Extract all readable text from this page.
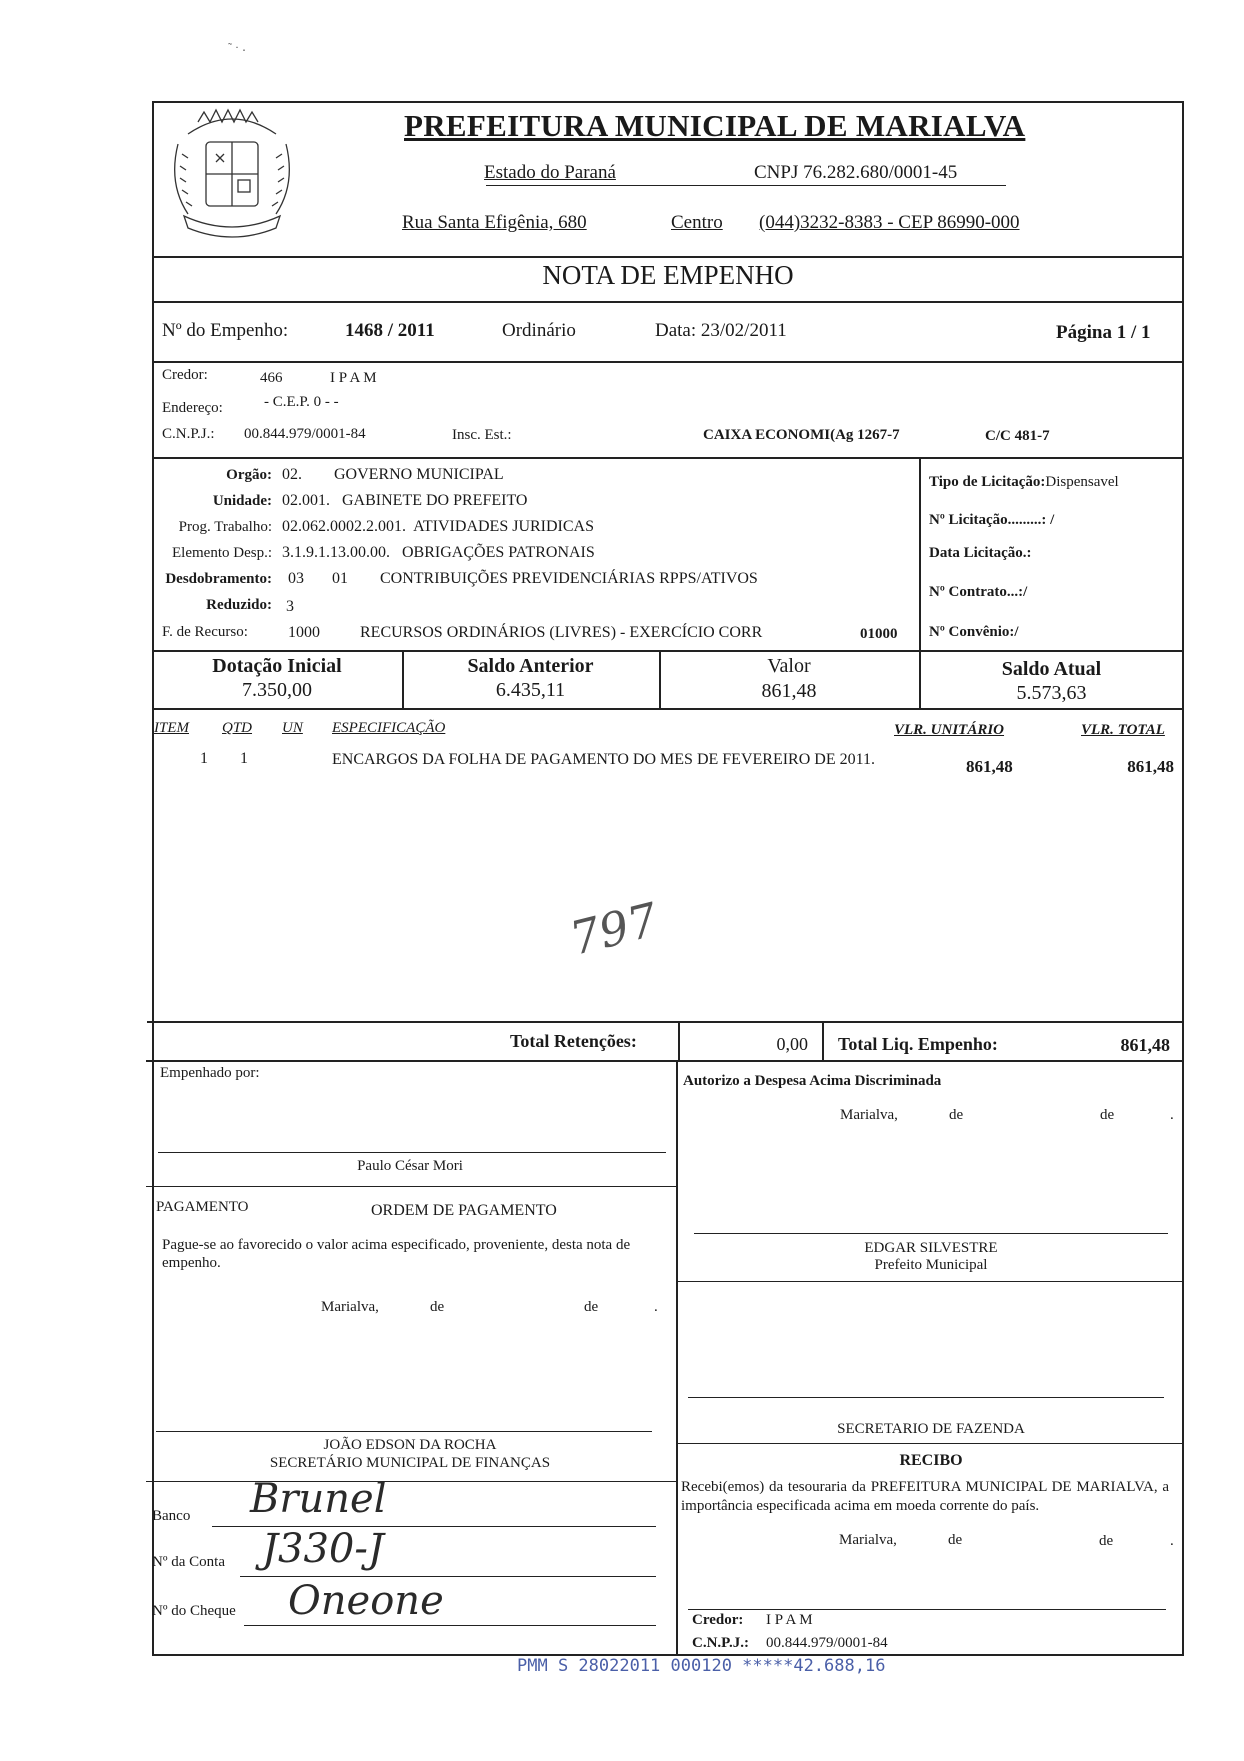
˜ · ․
PREFEITURA MUNICIPAL DE MARIALVA
Estado do Paraná	CNPJ 76.282.680/0001-45
Rua Santa Efigênia, 680	Centro (044)3232-8383 - CEP 86990-000
NOTA DE EMPENHO
Nº do Empenho:	1468 / 2011	Ordinário	Data: 23/02/2011	Página 1 / 1
Credor:	466	I P A M
Endereço:	- C.E.P. 0 - -
C.N.P.J.: 00.844.979/0001-84	Insc. Est.:	CAIXA ECONOMI(Ag 1267-7	C/C 481-7
Orgão: 02.        GOVERNO MUNICIPAL
Unidade: 02.001.   GABINETE DO PREFEITO
Prog. Trabalho: 02.062.0002.2.001.  ATIVIDADES JURIDICAS
Elemento Desp.: 3.1.9.1.13.00.00.   OBRIGAÇÕES PATRONAIS
Desdobramento: 03       01        CONTRIBUIÇÕES PREVIDENCIÁRIAS RPPS/ATIVOS
Reduzido: 3
F. de Recurso:	1000          RECURSOS ORDINÁRIOS (LIVRES) - EXERCÍCIO CORR	01000
Tipo de Licitação:Dispensavel
Nº Licitação.........: /
Data Licitação.:
Nº Contrato...:/
Nº Convênio:/
Dotação Inicial
7.350,00
Saldo Anterior
6.435,11
Valor
861,48
Saldo Atual
5.573,63
ITEM QTD UN ESPECIFICAÇÃO	VLR. UNITÁRIO	VLR. TOTAL
1 1	ENCARGOS DA FOLHA DE PAGAMENTO DO MES DE FEVEREIRO DE 2011.	861,48	861,48
797
Total Retenções:	0,00 Total Liq. Empenho:	861,48
Empenhado por:
Paulo César Mori
PAGAMENTO	ORDEM DE PAGAMENTO
Pague-se ao favorecido o valor acima especificado, proveniente, desta nota de empenho.
Marialva,	de	de	.
JOÃO EDSON DA ROCHA
SECRETÁRIO MUNICIPAL DE FINANÇAS
Banco Brunel
Nº da Conta J330-J
Nº do Cheque Oneone
Autorizo a Despesa Acima Discriminada
Marialva,	de	de	.
EDGAR SILVESTRE
Prefeito Municipal
SECRETARIO DE FAZENDA
RECIBO
Recebi(emos) da tesouraria da PREFEITURA MUNICIPAL DE MARIALVA, a importância especificada acima em moeda corrente do país.
Marialva,	de	de	.
Credor: I P A M
C.N.P.J.: 00.844.979/0001-84
PMM S 28022011 000120 *****42.688,16
